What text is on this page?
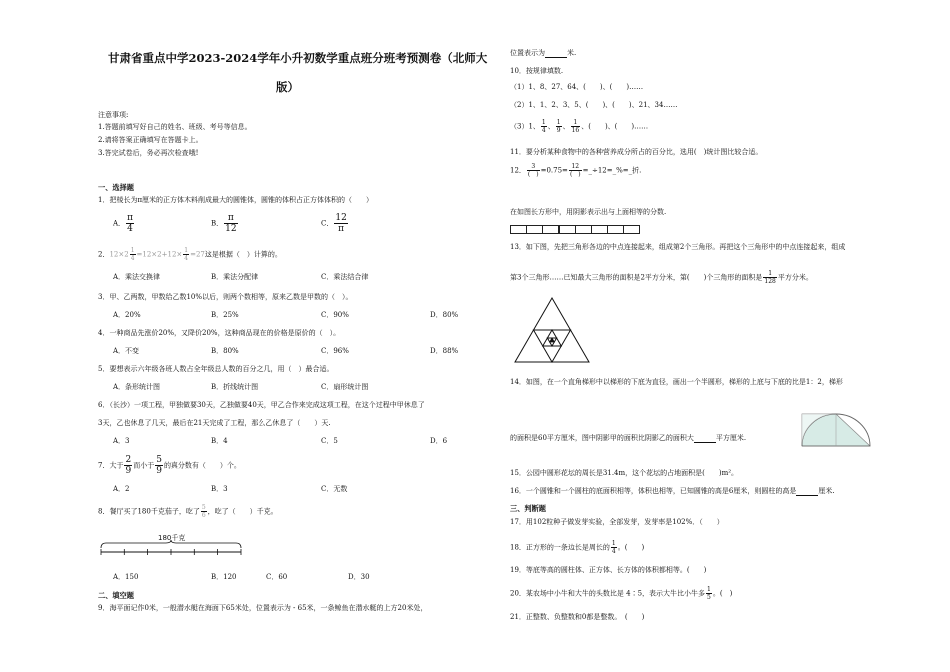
甘肃省重点中学2023-2024学年小升初数学重点班分班考预测卷（北师大
版）
注意事项:
1.答题前填写好自己的姓名、班级、考号等信息。
2.请将答案正确填写在答题卡上。
3.答完试卷后，务必再次检查哦!
一、选择题
1．把棱长为π厘米的正方体木料削成最大的圆锥体，圆锥的体积占正方体体积的（　　）
A． $\frac{\pi}{4}$	B． $\frac{\pi}{12}$	C． $\frac{12}{\pi}$
2．$12\times 2 \frac{1}{4} =12\times 2+12\times \frac{1}{4} =27$这是根据（　）计算的。
A．乘法交换律	B．乘法分配律	C．乘法结合律
3．甲、乙两数，甲数给乙数10%以后，则两个数相等，原来乙数是甲数的（　）。
A．20%	B．25%	C．90%	D．80%
4．一种商品先涨价20%，又降价20%，这种商品现在的价格是原价的（　）。
A．不变	B．80%	C．96%	D．88%
5．要想表示六年级各班人数占全年级总人数的百分之几，用（　）最合适。
A．条形统计图	B．折线统计图	C．扇形统计图
6．（长沙）一项工程，甲独做要30天，乙独做要40天，甲乙合作来完成这项工程，在这个过程中甲休息了
3天，乙也休息了几天，最后在21天完成了工程，那么乙休息了（　　）天.
A．3	B．4	C．5	D．6
7．大于 $\frac{2}{9}$ 而小于 $\frac{5}{9}$ 的真分数有（　　）个。
A．2	B．3	C．无数
8．餐厅买了180千克茄子，吃了 $\frac{5}{6}$ ，吃了（　　）千克。
180千克
A．150	B．120	C．60	D．30
二、填空题
9．海平面记作0米，一般潜水艇在海面下65米处，位置表示为 - 65米，一条鲸鱼在潜水艇的上方20米处，
位置表示为	米.
10．按规律填数.
（1）1、8、27、64、(　　)、(　　)……
（2）1、1、2、3、5、(　　)、(　　)、21、34……
（3）1、 $\frac{1}{4}$ 、 $\frac{1}{9}$ 、 $\frac{1}{16}$ 、(　　)、(　　)……
11．要分析某种食物中的各种营养成分所占的百分比，选用(　)统计图比较合适。
12． $\frac{3}{( )} =0.75= \frac{12}{( )}$ =_÷12=_%=_折.
在如图长方形中，用阴影表示出与上面相等的分数.
13．如下图，先把三角形各边的中点连接起来，组成第2个三角形。再把这个三角形中的中点连接起来，组成
第3个三角形……已知最大三角形的面积是2平方分米，第(　　)个三角形的面积是 $\frac{1}{128}$ 平方分米。
14．如图，在一个直角梯形中以梯形的下底为直径，画出一个半圆形，梯形的上底与下底的比是1：2，梯形
的面积是60平方厘米，图中阴影甲的面积比阴影乙的面积大	平方厘米.
15．公园中圆形花坛的周长是31.4m，这个花坛的占地面积是(　　)m²。
16．一个圆锥和一个圆柱的底面积相等，体积也相等，已知圆锥的高是6厘米，则圆柱的高是	厘米.
三、判断题
17．用102粒种子做发芽实验，全部发芽，发芽率是102%．（　　）
18．正方形的一条边长是周长的 $\frac{1}{4}$ 。(　　)
19．等底等高的圆柱体、正方体、长方体的体积都相等。(　　)
20．某农场中小牛和大牛的头数比是 4∶5，表示大牛比小牛多 $\frac{1}{5}$ 。(　)
21．正整数、负整数和0都是整数。　(　　)
